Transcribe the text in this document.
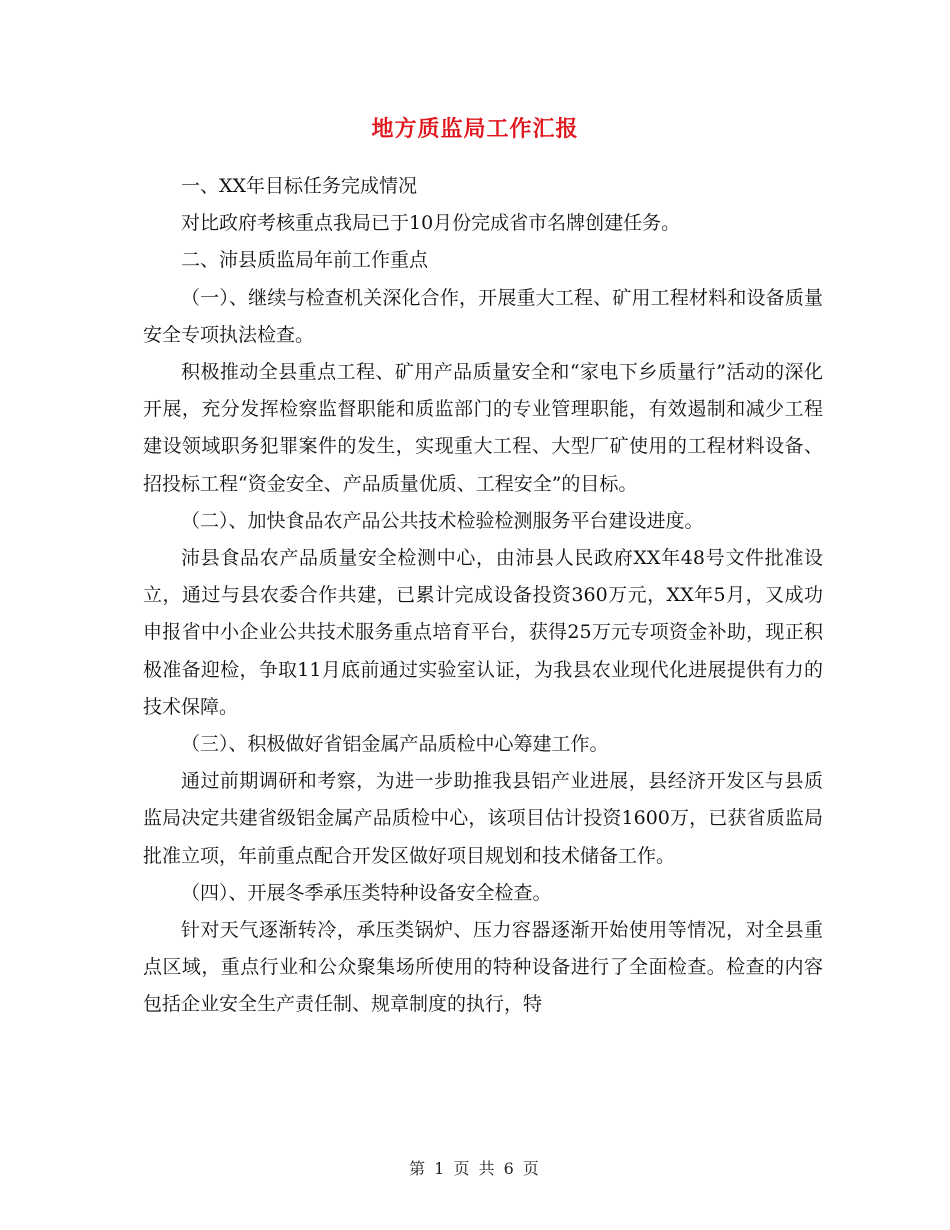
地方质监局工作汇报

一、XX年目标任务完成情况

对比政府考核重点我局已于10月份完成省市名牌创建任务。

二、沛县质监局年前工作重点

（一）、继续与检查机关深化合作，开展重大工程、矿用工程材料和设备质量安全专项执法检查。

积极推动全县重点工程、矿用产品质量安全和“家电下乡质量行”活动的深化开展，充分发挥检察监督职能和质监部门的专业管理职能，有效遏制和减少工程建设领域职务犯罪案件的发生，实现重大工程、大型厂矿使用的工程材料设备、招投标工程“资金安全、产品质量优质、工程安全”的目标。

（二）、加快食品农产品公共技术检验检测服务平台建设进度。

沛县食品农产品质量安全检测中心，由沛县人民政府XX年48号文件批准设立，通过与县农委合作共建，已累计完成设备投资360万元，XX年5月，又成功申报省中小企业公共技术服务重点培育平台，获得25万元专项资金补助，现正积极准备迎检，争取11月底前通过实验室认证，为我县农业现代化进展提供有力的技术保障。

（三）、积极做好省铝金属产品质检中心筹建工作。

通过前期调研和考察，为进一步助推我县铝产业进展，县经济开发区与县质监局决定共建省级铝金属产品质检中心，该项目估计投资1600万，已获省质监局批准立项，年前重点配合开发区做好项目规划和技术储备工作。

（四）、开展冬季承压类特种设备安全检查。

针对天气逐渐转冷，承压类锅炉、压力容器逐渐开始使用等情况，对全县重点区域，重点行业和公众聚集场所使用的特种设备进行了全面检查。检查的内容包括企业安全生产责任制、规章制度的执行，特

第 1 页 共 6 页
